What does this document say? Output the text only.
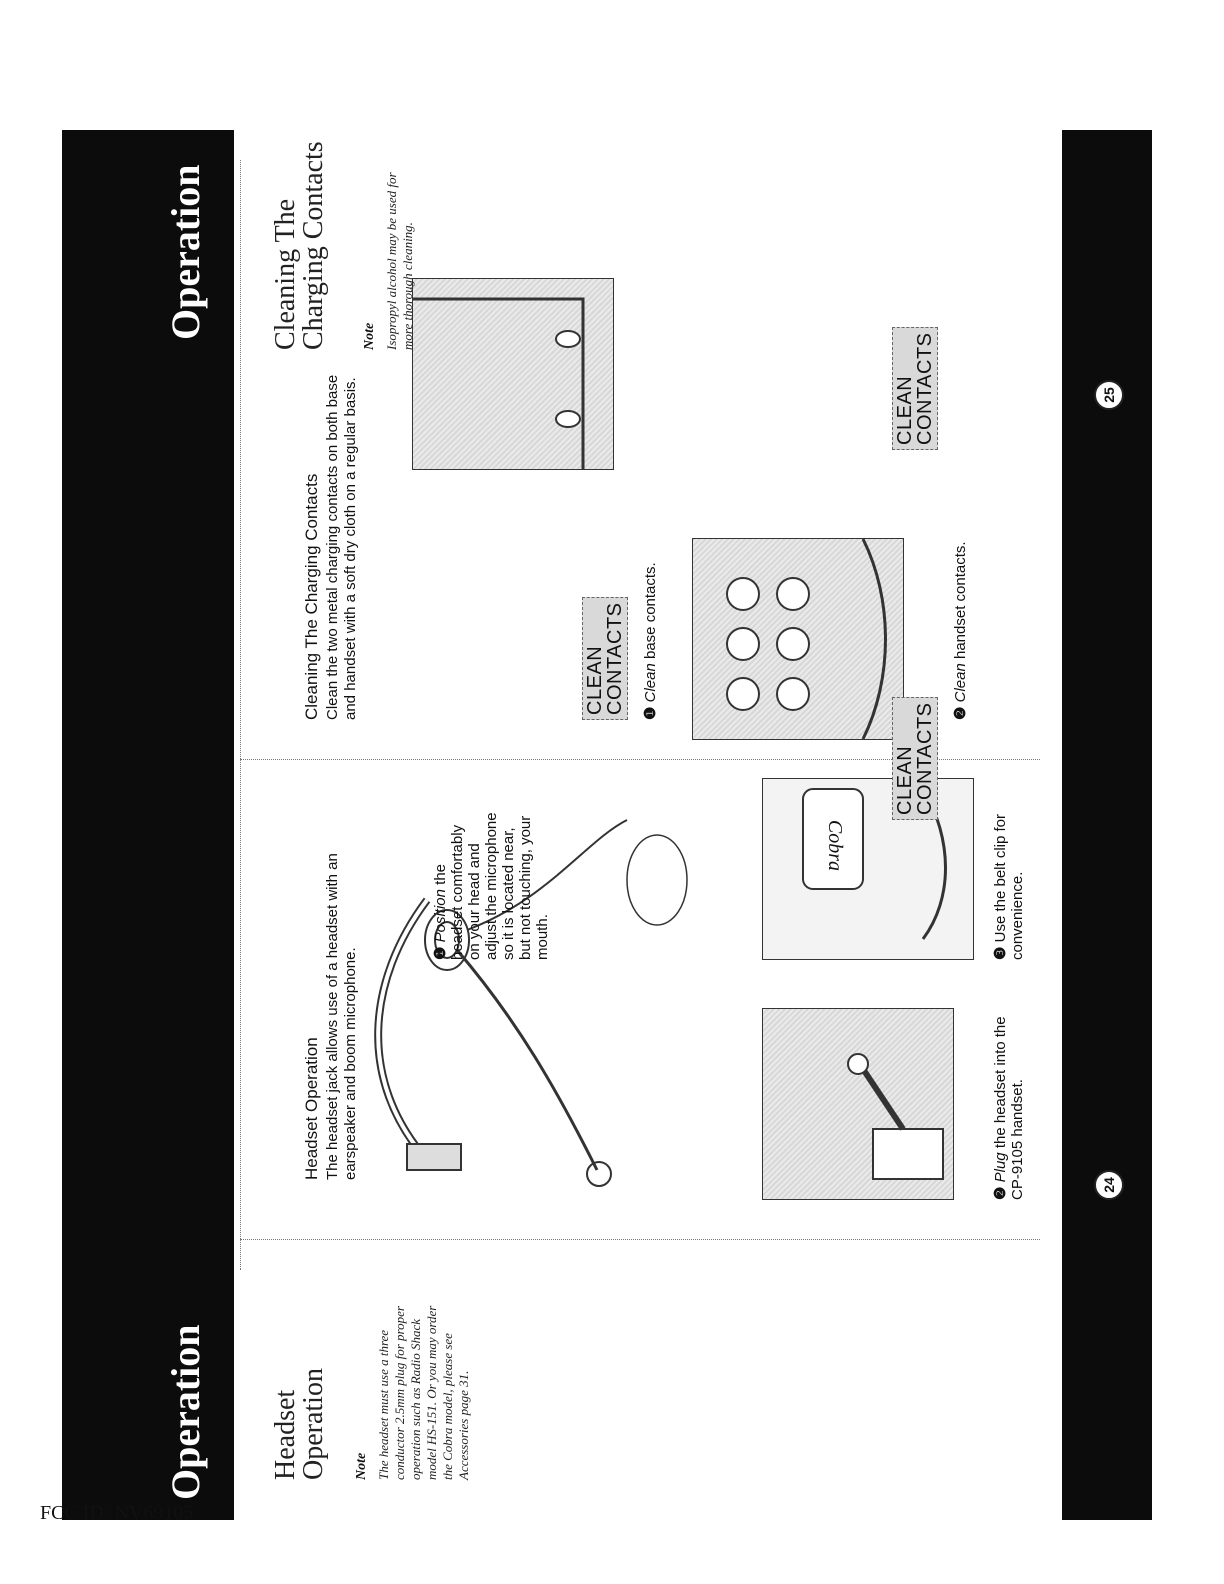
Operation
Operation
Headset
Operation Note The headset must use a three conductor 2.5mm plug for proper operation such as Radio Shack model HS-151. Or you may order the Cobra model, please see Accessories page 31.
Headset Operation The headset jack allows use of a headset with an earspeaker and boom microphone.	❶ Position the headset comfortably on your head and adjust the microphone so it is located near, but not touching, your mouth.
Cobra
❷ Plug the headset into the CP-9105 handset.
❸ Use the belt clip for convenience.
24
Cleaning The Charging Contacts Clean the two metal charging contacts on both base and handset with a soft dry cloth on a regular basis.	CLEAN
CONTACTS ❶ Clean base contacts.
CLEAN
CONTACTS
CLEAN
CONTACTS
❷ Clean handset contacts.
Cleaning The
Charging Contacts Note Isopropyl alcohol may be used for more thorough cleaning.
25
FCC ID: NV69105
